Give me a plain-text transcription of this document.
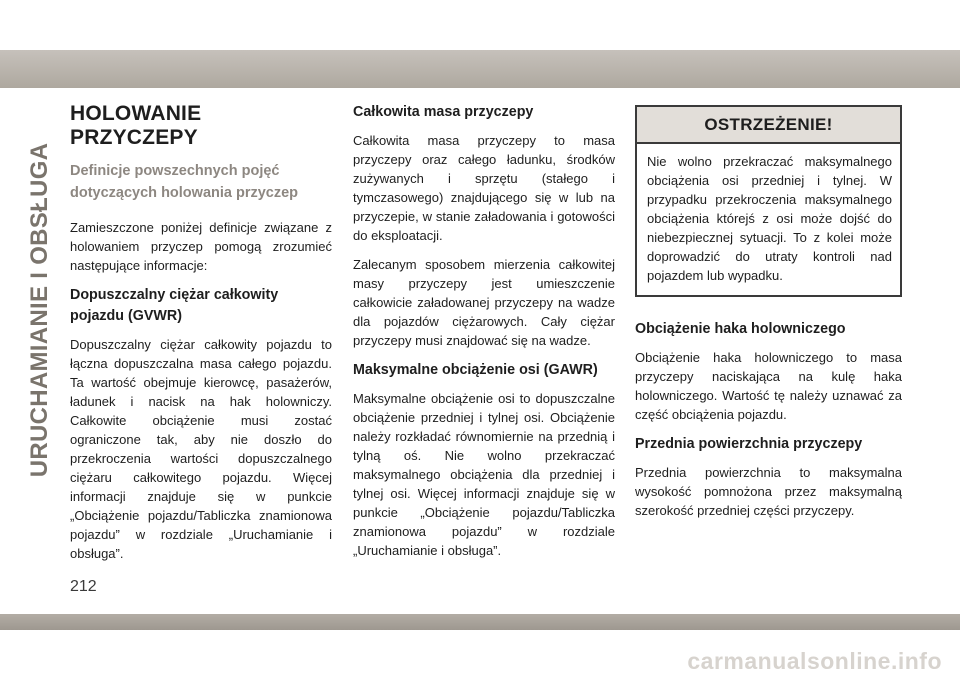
URUCHAMIANIE I OBSŁUGA
HOLOWANIE PRZYCZEPY
Definicje powszechnych pojęć
dotyczących holowania przyczep

Zamieszczone poniżej definicje związane z holowaniem przyczep pomogą zrozumieć następujące informacje:

Dopuszczalny ciężar całkowity pojazdu (GVWR)

Dopuszczalny ciężar całkowity pojazdu to łączna dopuszczalna masa całego pojazdu. Ta wartość obejmuje kierowcę, pasażerów, ładunek i nacisk na hak holowniczy. Całkowite obciążenie musi zostać ograniczone tak, aby nie doszło do przekroczenia wartości dopuszczalnego ciężaru całkowitego pojazdu. Więcej informacji znajduje się w punkcie „Obciążenie pojazdu/Tabliczka znamionowa pojazdu” w rozdziale „Uruchamianie i obsługa”.

Całkowita masa przyczepy

Całkowita masa przyczepy to masa przyczepy oraz całego ładunku, środków zużywanych i sprzętu (stałego i tymczasowego) znajdującego się w lub na przyczepie, w stanie załadowania i gotowości do eksploatacji.

Zalecanym sposobem mierzenia całkowitej masy przyczepy jest umieszczenie całkowicie załadowanej przyczepy na wadze dla pojazdów ciężarowych. Cały ciężar przyczepy musi znajdować się na wadze.

Maksymalne obciążenie osi (GAWR)

Maksymalne obciążenie osi to dopuszczalne obciążenie przedniej i tylnej osi. Obciążenie należy rozkładać równomiernie na przednią i tylną oś. Nie wolno przekraczać maksymalnego obciążenia dla przedniej i tylnej osi. Więcej informacji znajduje się w punkcie „Obciążenie pojazdu/Tabliczka znamionowa pojazdu” w rozdziale „Uruchamianie i obsługa”.

OSTRZEŻENIE!

Nie wolno przekraczać maksymalnego obciążenia osi przedniej i tylnej. W przypadku przekroczenia maksymalnego obciążenia którejś z osi może dojść do niebezpiecznej sytuacji. To z kolei może doprowadzić do utraty kontroli nad pojazdem lub wypadku.

Obciążenie haka holowniczego

Obciążenie haka holowniczego to masa przyczepy naciskająca na kulę haka holowniczego. Wartość tę należy uznawać za część obciążenia pojazdu.

Przednia powierzchnia przyczepy

Przednia powierzchnia to maksymalna wysokość pomnożona przez maksymalną szerokość przedniej części przyczepy.

212
carmanualsonline.info
